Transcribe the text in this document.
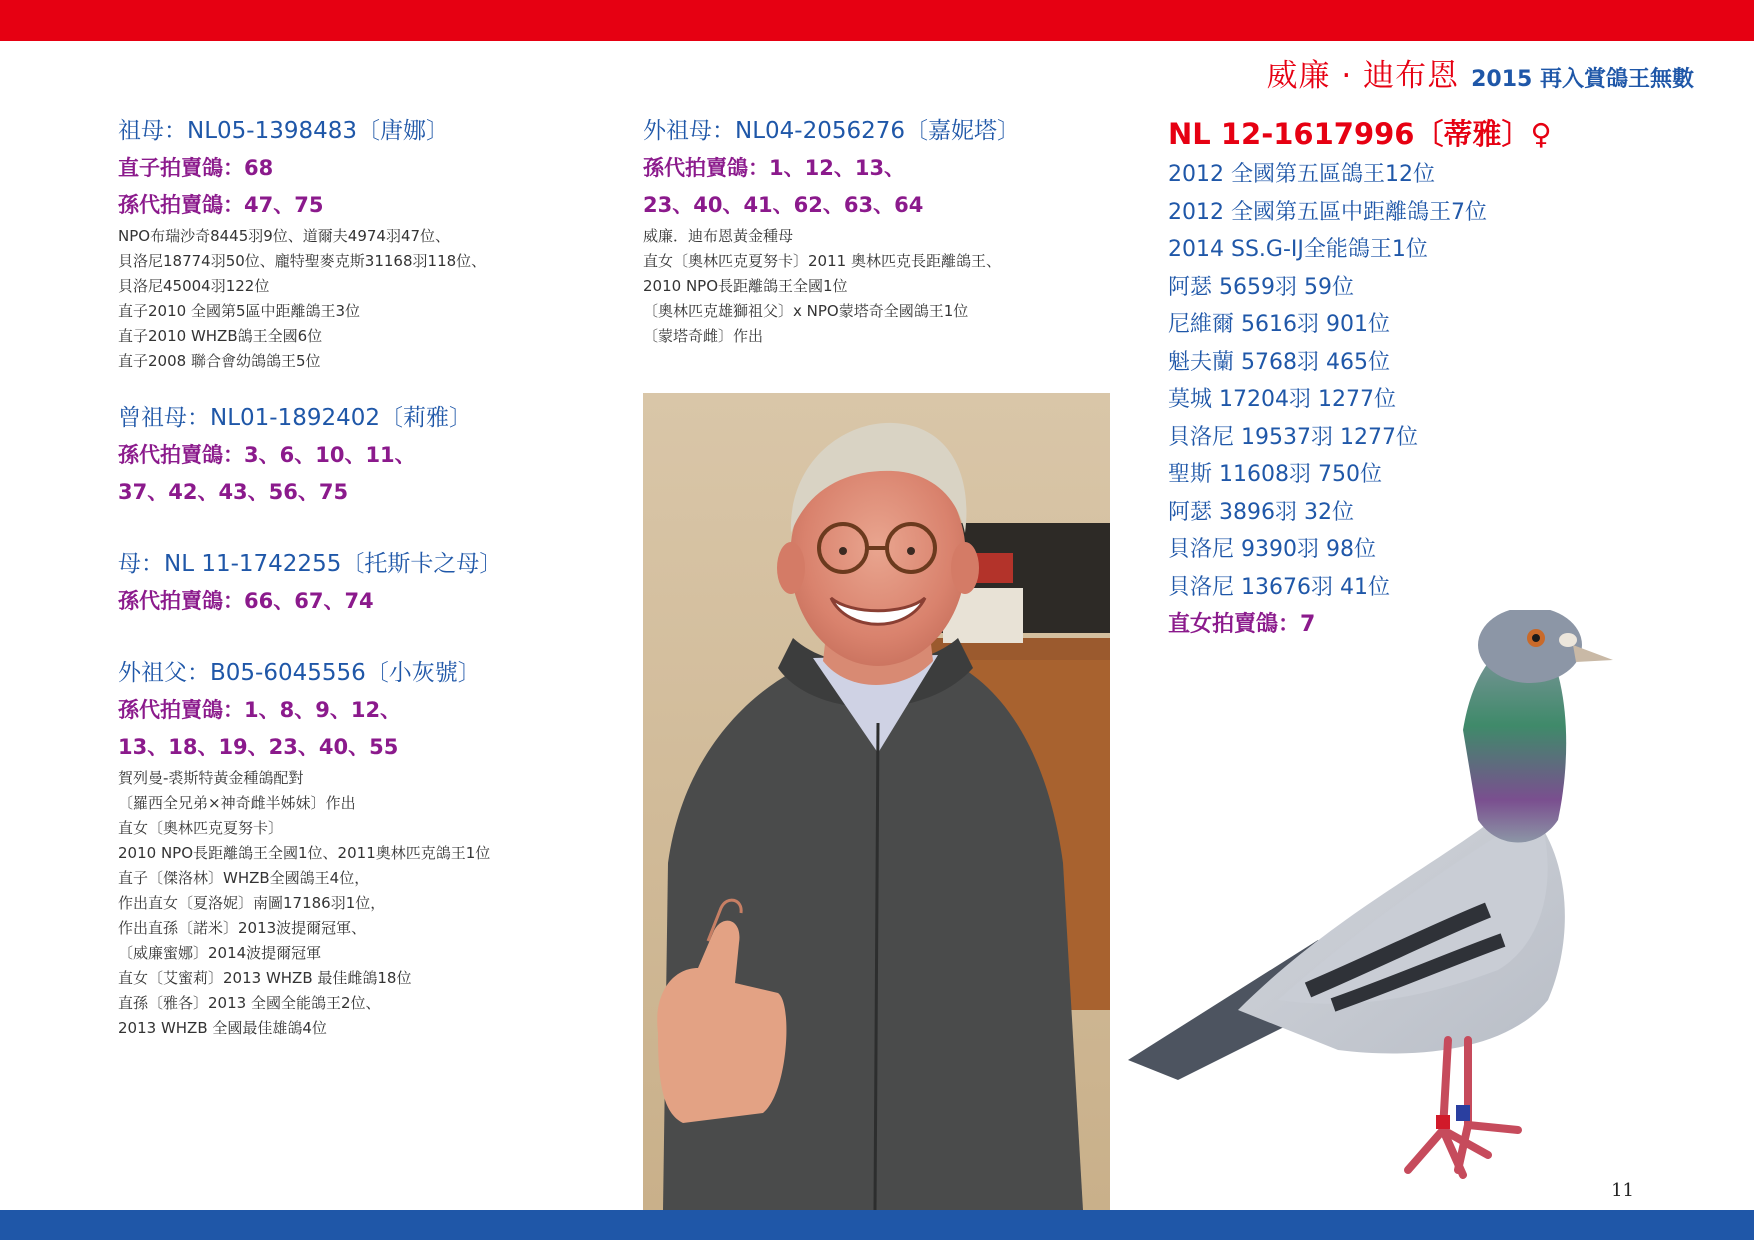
威廉 · 迪布恩 2015 再入賞鴿王無數
祖母：NL05-1398483〔唐娜〕
直子拍賣鴿：68
孫代拍賣鴿：47、75
NPO布瑞沙奇8445羽9位、道爾夫4974羽47位、
貝洛尼18774羽50位、龐特聖麥克斯31168羽118位、
貝洛尼45004羽122位
直子2010 全國第5區中距離鴿王3位
直子2010 WHZB鴿王全國6位
直子2008 聯合會幼鴿鴿王5位
曾祖母：NL01-1892402〔莉雅〕
孫代拍賣鴿：3、6、10、11、
37、42、43、56、75
母：NL 11-1742255〔托斯卡之母〕
孫代拍賣鴿：66、67、74
外祖父：B05-6045556〔小灰號〕
孫代拍賣鴿：1、8、9、12、
13、18、19、23、40、55
賀列曼-裘斯特黃金種鴿配對
〔羅西全兄弟×神奇雌半姊妹〕作出
直女〔奧林匹克夏努卡〕
2010 NPO長距離鴿王全國1位、2011奧林匹克鴿王1位
直子〔傑洛林〕WHZB全國鴿王4位，
作出直女〔夏洛妮〕南圖17186羽1位，
作出直孫〔諾米〕2013波提爾冠軍、
〔威廉蜜娜〕2014波提爾冠軍
直女〔艾蜜莉〕2013 WHZB 最佳雌鴿18位
直孫〔雅各〕2013 全國全能鴿王2位、
2013 WHZB 全國最佳雄鴿4位
外祖母：NL04-2056276〔嘉妮塔〕
孫代拍賣鴿：1、12、13、
23、40、41、62、63、64
威廉．迪布恩黃金種母
直女〔奧林匹克夏努卡〕2011 奧林匹克長距離鴿王、
2010 NPO長距離鴿王全國1位
〔奧林匹克雄獅祖父〕x NPO蒙塔奇全國鴿王1位
〔蒙塔奇雌〕作出
NL 12-1617996〔蒂雅〕♀
2012 全國第五區鴿王12位
2012 全國第五區中距離鴿王7位
2014 SS.G-IJ全能鴿王1位
阿瑟 5659羽 59位
尼維爾 5616羽 901位
魁夫蘭 5768羽 465位
莫城 17204羽 1277位
貝洛尼 19537羽 1277位
聖斯 11608羽 750位
阿瑟 3896羽 32位
貝洛尼 9390羽 98位
貝洛尼 13676羽 41位
直女拍賣鴿：7
11
